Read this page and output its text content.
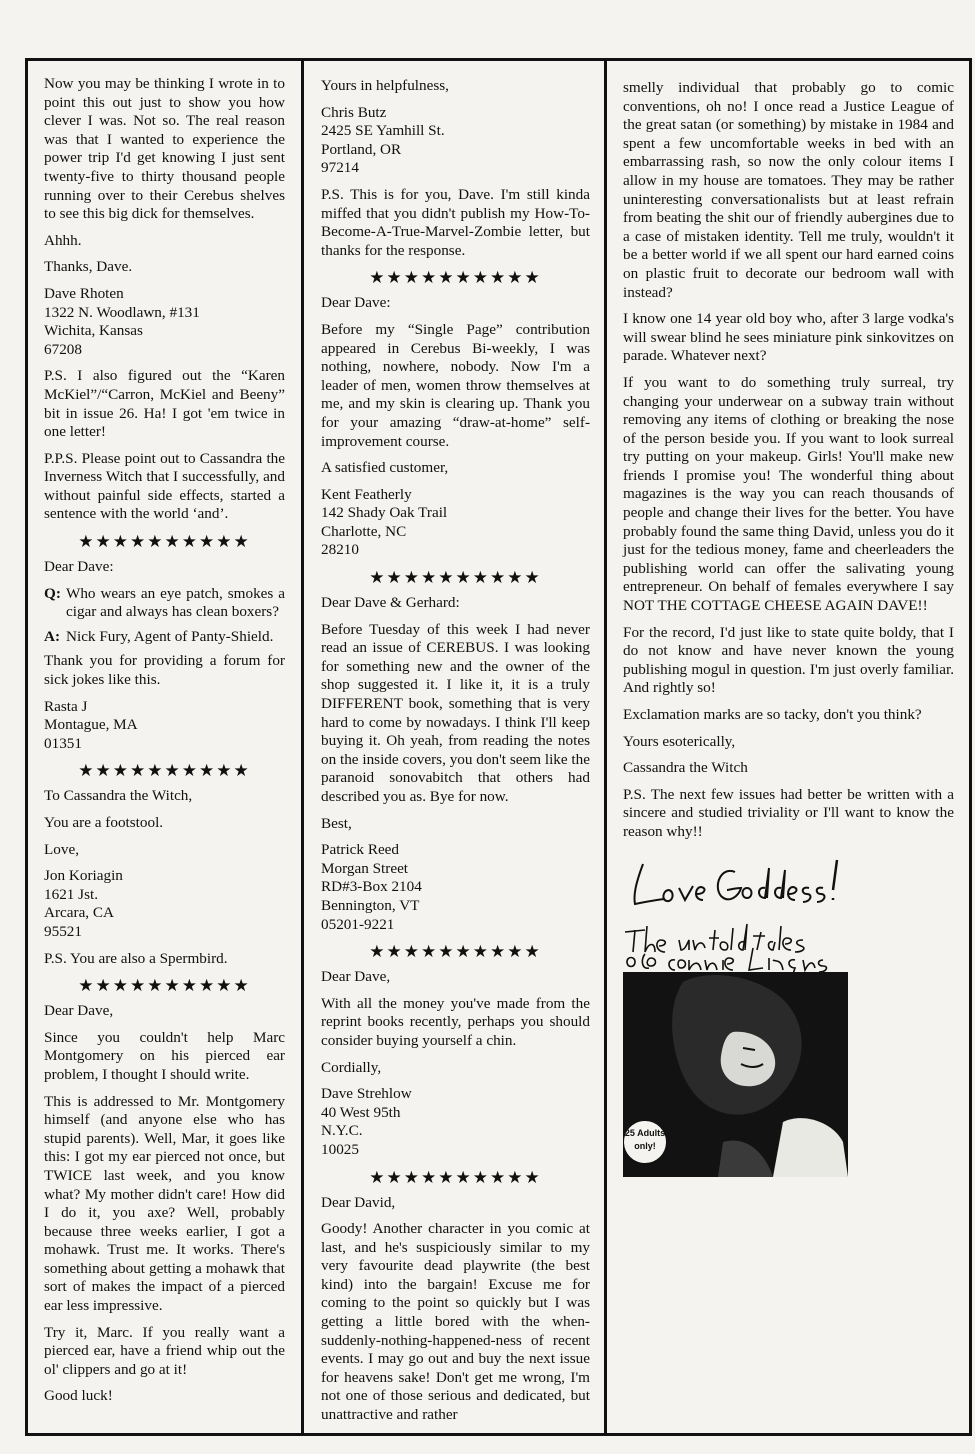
Now you may be thinking I wrote in to point this out just to show you how clever I was. Not so. The real reason was that I wanted to experience the power trip I'd get knowing I just sent twenty-five to thirty thousand people running over to their Cerebus shelves to see this big dick for themselves.

Ahhh.

Thanks, Dave.

Dave Rhoten
1322 N. Woodlawn, #131
Wichita, Kansas
67208

P.S. I also figured out the “Karen McKiel”/“Carron, McKiel and Beeny” bit in issue 26. Ha! I got 'em twice in one letter!

P.P.S. Please point out to Cassandra the Inverness Witch that I successfully, and without painful side effects, started a sentence with the world ‘and’.

★★★★★★★★★★

Dear Dave:

Q: Who wears an eye patch, smokes a cigar and always has clean boxers?
A: Nick Fury, Agent of Panty-Shield.

Thank you for providing a forum for sick jokes like this.

Rasta J
Montague, MA
01351
★★★★★★★★★★

To Cassandra the Witch,

You are a footstool.

Love,

Jon Koriagin
1621 Jst.
Arcara, CA
95521

P.S. You are also a Spermbird.

★★★★★★★★★★

Dear Dave,

Since you couldn't help Marc Montgomery on his pierced ear problem, I thought I should write.

This is addressed to Mr. Montgomery himself (and anyone else who has stupid parents). Well, Mar, it goes like this: I got my ear pierced not once, but TWICE last week, and you know what? My mother didn't care! How did I do it, you axe? Well, probably because three weeks earlier, I got a mohawk. Trust me. It works. There's something about getting a mohawk that sort of makes the impact of a pierced ear less impressive.

Try it, Marc. If you really want a pierced ear, have a friend whip out the ol' clippers and go at it!

Good luck!

Yours in helpfulness,

Chris Butz
2425 SE Yamhill St.
Portland, OR
97214

P.S. This is for you, Dave. I'm still kinda miffed that you didn't publish my How-To-Become-A-True-Marvel-Zombie letter, but thanks for the response.

★★★★★★★★★★

Dear Dave:

Before my “Single Page” contribution appeared in Cerebus Bi-weekly, I was nothing, nowhere, nobody. Now I'm a leader of men, women throw themselves at me, and my skin is clearing up. Thank you for your amazing “draw-at-home” self-improvement course.

A satisfied customer,

Kent Featherly
142 Shady Oak Trail
Charlotte, NC
28210
★★★★★★★★★★

Dear Dave & Gerhard:

Before Tuesday of this week I had never read an issue of CEREBUS. I was looking for something new and the owner of the shop suggested it. I like it, it is a truly DIFFERENT book, something that is very hard to come by nowadays. I think I'll keep buying it. Oh yeah, from reading the notes on the inside covers, you don't seem like the paranoid sonovabitch that others had described you as. Bye for now.

Best,

Patrick Reed
Morgan Street
RD#3-Box 2104
Bennington, VT
05201-9221
★★★★★★★★★★

Dear Dave,

With all the money you've made from the reprint books recently, perhaps you should consider buying yourself a chin.

Cordially,

Dave Strehlow
40 West 95th
N.Y.C.
10025
★★★★★★★★★★

Dear David,

Goody! Another character in you comic at last, and he's suspiciously similar to my very favourite dead playwrite (the best kind) into the bargain! Excuse me for coming to the point so quickly but I was getting a little bored with the when-suddenly-nothing-happened-ness of recent events. I may go out and buy the next issue for heavens sake! Don't get me wrong, I'm not one of those serious and dedicated, but unattractive and rather

smelly individual that probably go to comic conventions, oh no! I once read a Justice League of the great satan (or something) by mistake in 1984 and spent a few uncomfortable weeks in bed with an embarrassing rash, so now the only colour items I allow in my house are tomatoes. They may be rather uninteresting conversationalists but at least refrain from beating the shit our of friendly aubergines due to a case of mistaken identity. Tell me truly, wouldn't it be a better world if we all spent our hard earned coins on plastic fruit to decorate our bedroom wall with instead?

I know one 14 year old boy who, after 3 large vodka's will swear blind he sees miniature pink sinkovitzes on parade. Whatever next?

If you want to do something truly surreal, try changing your underwear on a subway train without removing any items of clothing or breaking the nose of the person beside you. If you want to look surreal try putting on your makeup. Girls! You'll make new friends I promise you! The wonderful thing about magazines is the way you can reach thousands of people and change their lives for the better. You have probably found the same thing David, unless you do it just for the tedious money, fame and cheerleaders the publishing world can offer the salivating young entrepreneur. On behalf of females everywhere I say NOT THE COTTAGE CHEESE AGAIN DAVE!!

For the record, I'd just like to state quite boldy, that I do not know and have never known the young publishing mogul in question. I'm just overly familiar. And rightly so!

Exclamation marks are so tacky, don't you think?

Yours esoterically,

Cassandra the Witch

P.S. The next few issues had better be written with a sincere and studied triviality or I'll want to know the reason why!!

25 Adults
only!
